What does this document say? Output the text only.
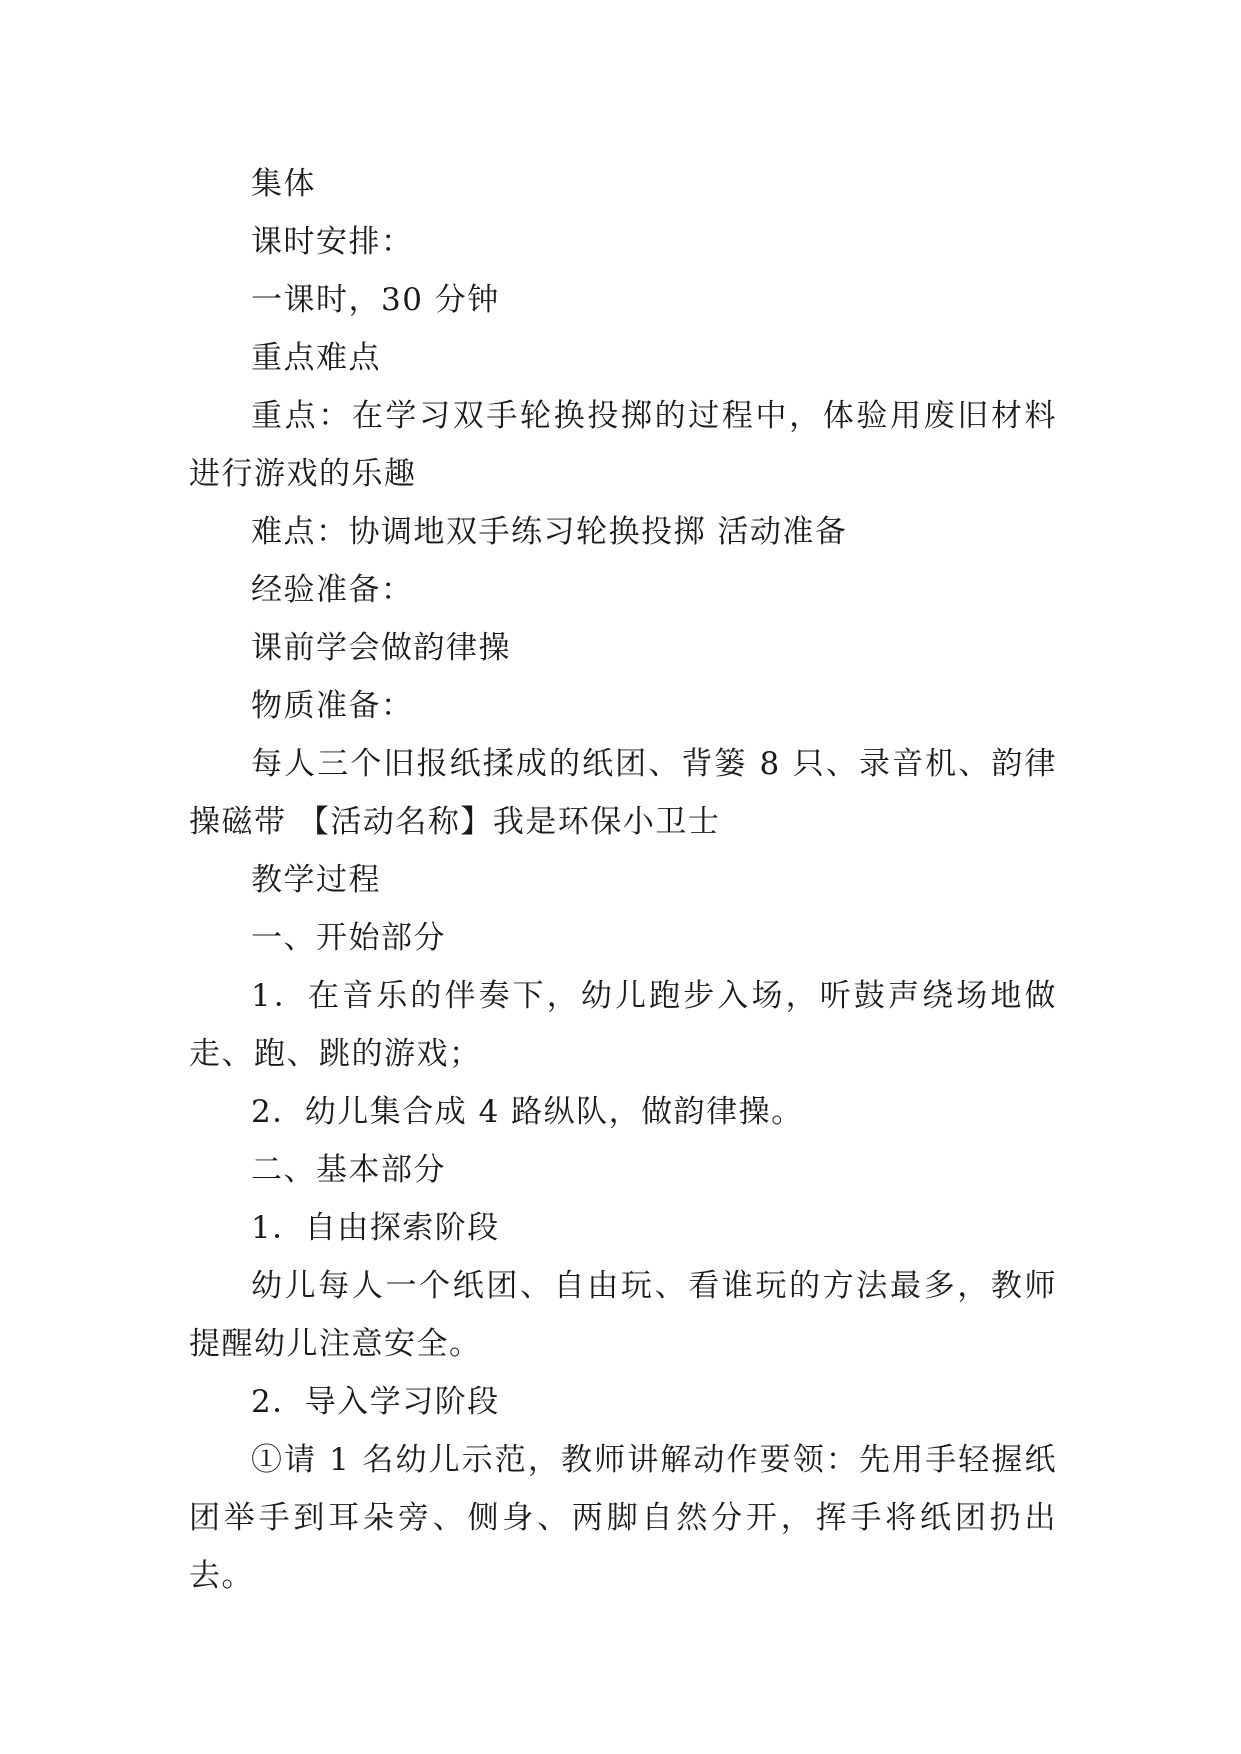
集体

课时安排：

一课时，30 分钟

重点难点

重点：在学习双手轮换投掷的过程中，体验用废旧材料进行游戏的乐趣

难点：协调地双手练习轮换投掷 活动准备

经验准备：

课前学会做韵律操

物质准备：

每人三个旧报纸揉成的纸团、背篓 8 只、录音机、韵律操磁带 【活动名称】我是环保小卫士

教学过程

一、开始部分

1．在音乐的伴奏下，幼儿跑步入场，听鼓声绕场地做走、跑、跳的游戏；

2．幼儿集合成 4 路纵队，做韵律操。

二、基本部分

1．自由探索阶段

幼儿每人一个纸团、自由玩、看谁玩的方法最多，教师提醒幼儿注意安全。

2．导入学习阶段

①请 1 名幼儿示范，教师讲解动作要领：先用手轻握纸团举手到耳朵旁、侧身、两脚自然分开，挥手将纸团扔出去。
